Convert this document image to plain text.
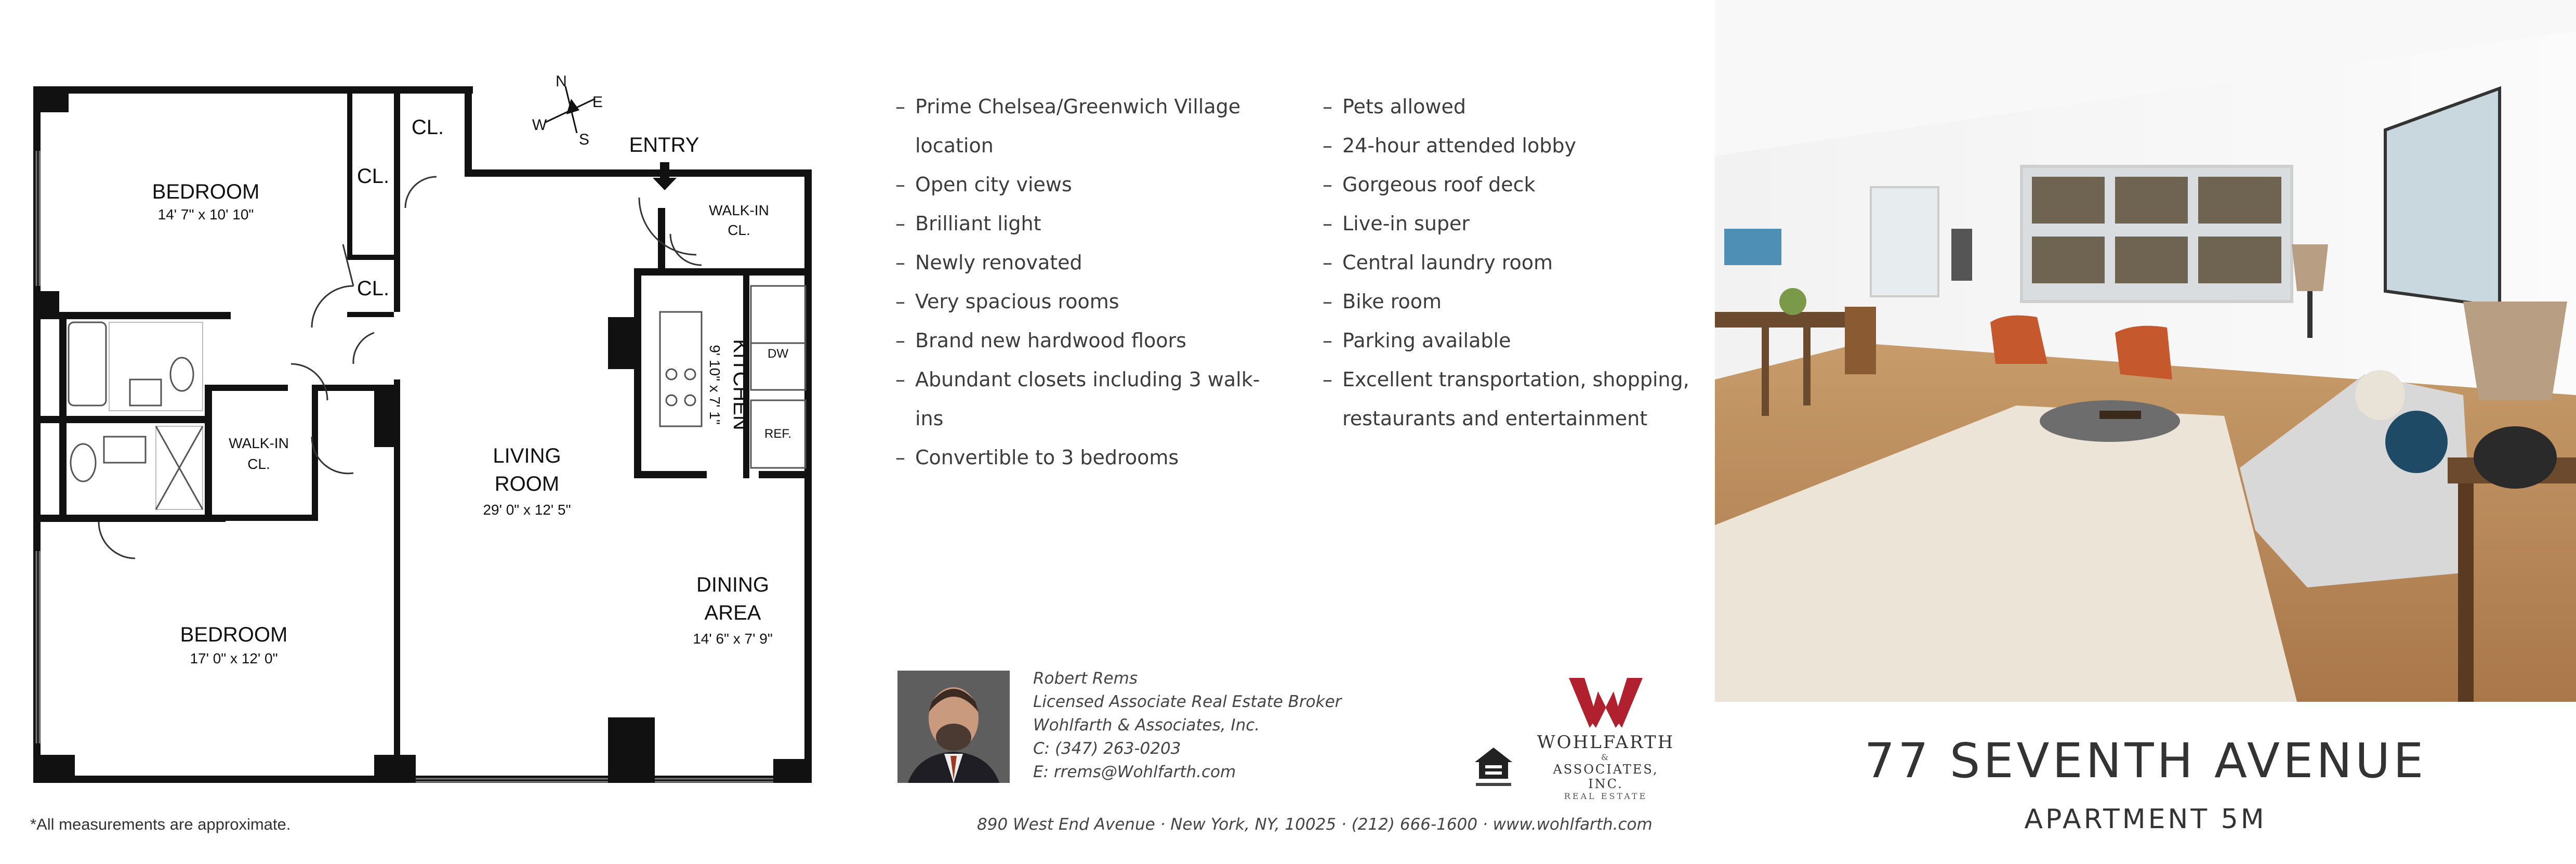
N
E
S
W
ENTRY
BEDROOM
14' 7" x 10' 10"
BEDROOM
17' 0" x 12' 0"
LIVING
ROOM
29' 0" x 12' 5"
DINING
AREA
14' 6" x 7' 9"
KITCHEN
9' 10" x 7' 1"
CL.
CL.
CL.
WALK-IN
CL.
WALK-IN
CL.
DW
REF.
*All measurements are approximate.
– Prime Chelsea/Greenwich Village location
– Open city views
– Brilliant light
– Newly renovated
– Very spacious rooms
– Brand new hardwood floors
– Abundant closets including 3 walk-ins
– Convertible to 3 bedrooms
– Pets allowed
– 24-hour attended lobby
– Gorgeous roof deck
– Live-in super
– Central laundry room
– Bike room
– Parking available
– Excellent transportation, shopping, restaurants and entertainment
Robert Rems
Licensed Associate Real Estate Broker
Wohlfarth & Associates, Inc.
C: (347) 263-0203
E: rrems@Wohlfarth.com
WOHLFARTH
&
ASSOCIATES, INC.
REAL ESTATE
890 West End Avenue · New York, NY, 10025 · (212) 666-1600 · www.wohlfarth.com
77 SEVENTH AVENUE
APARTMENT 5M
